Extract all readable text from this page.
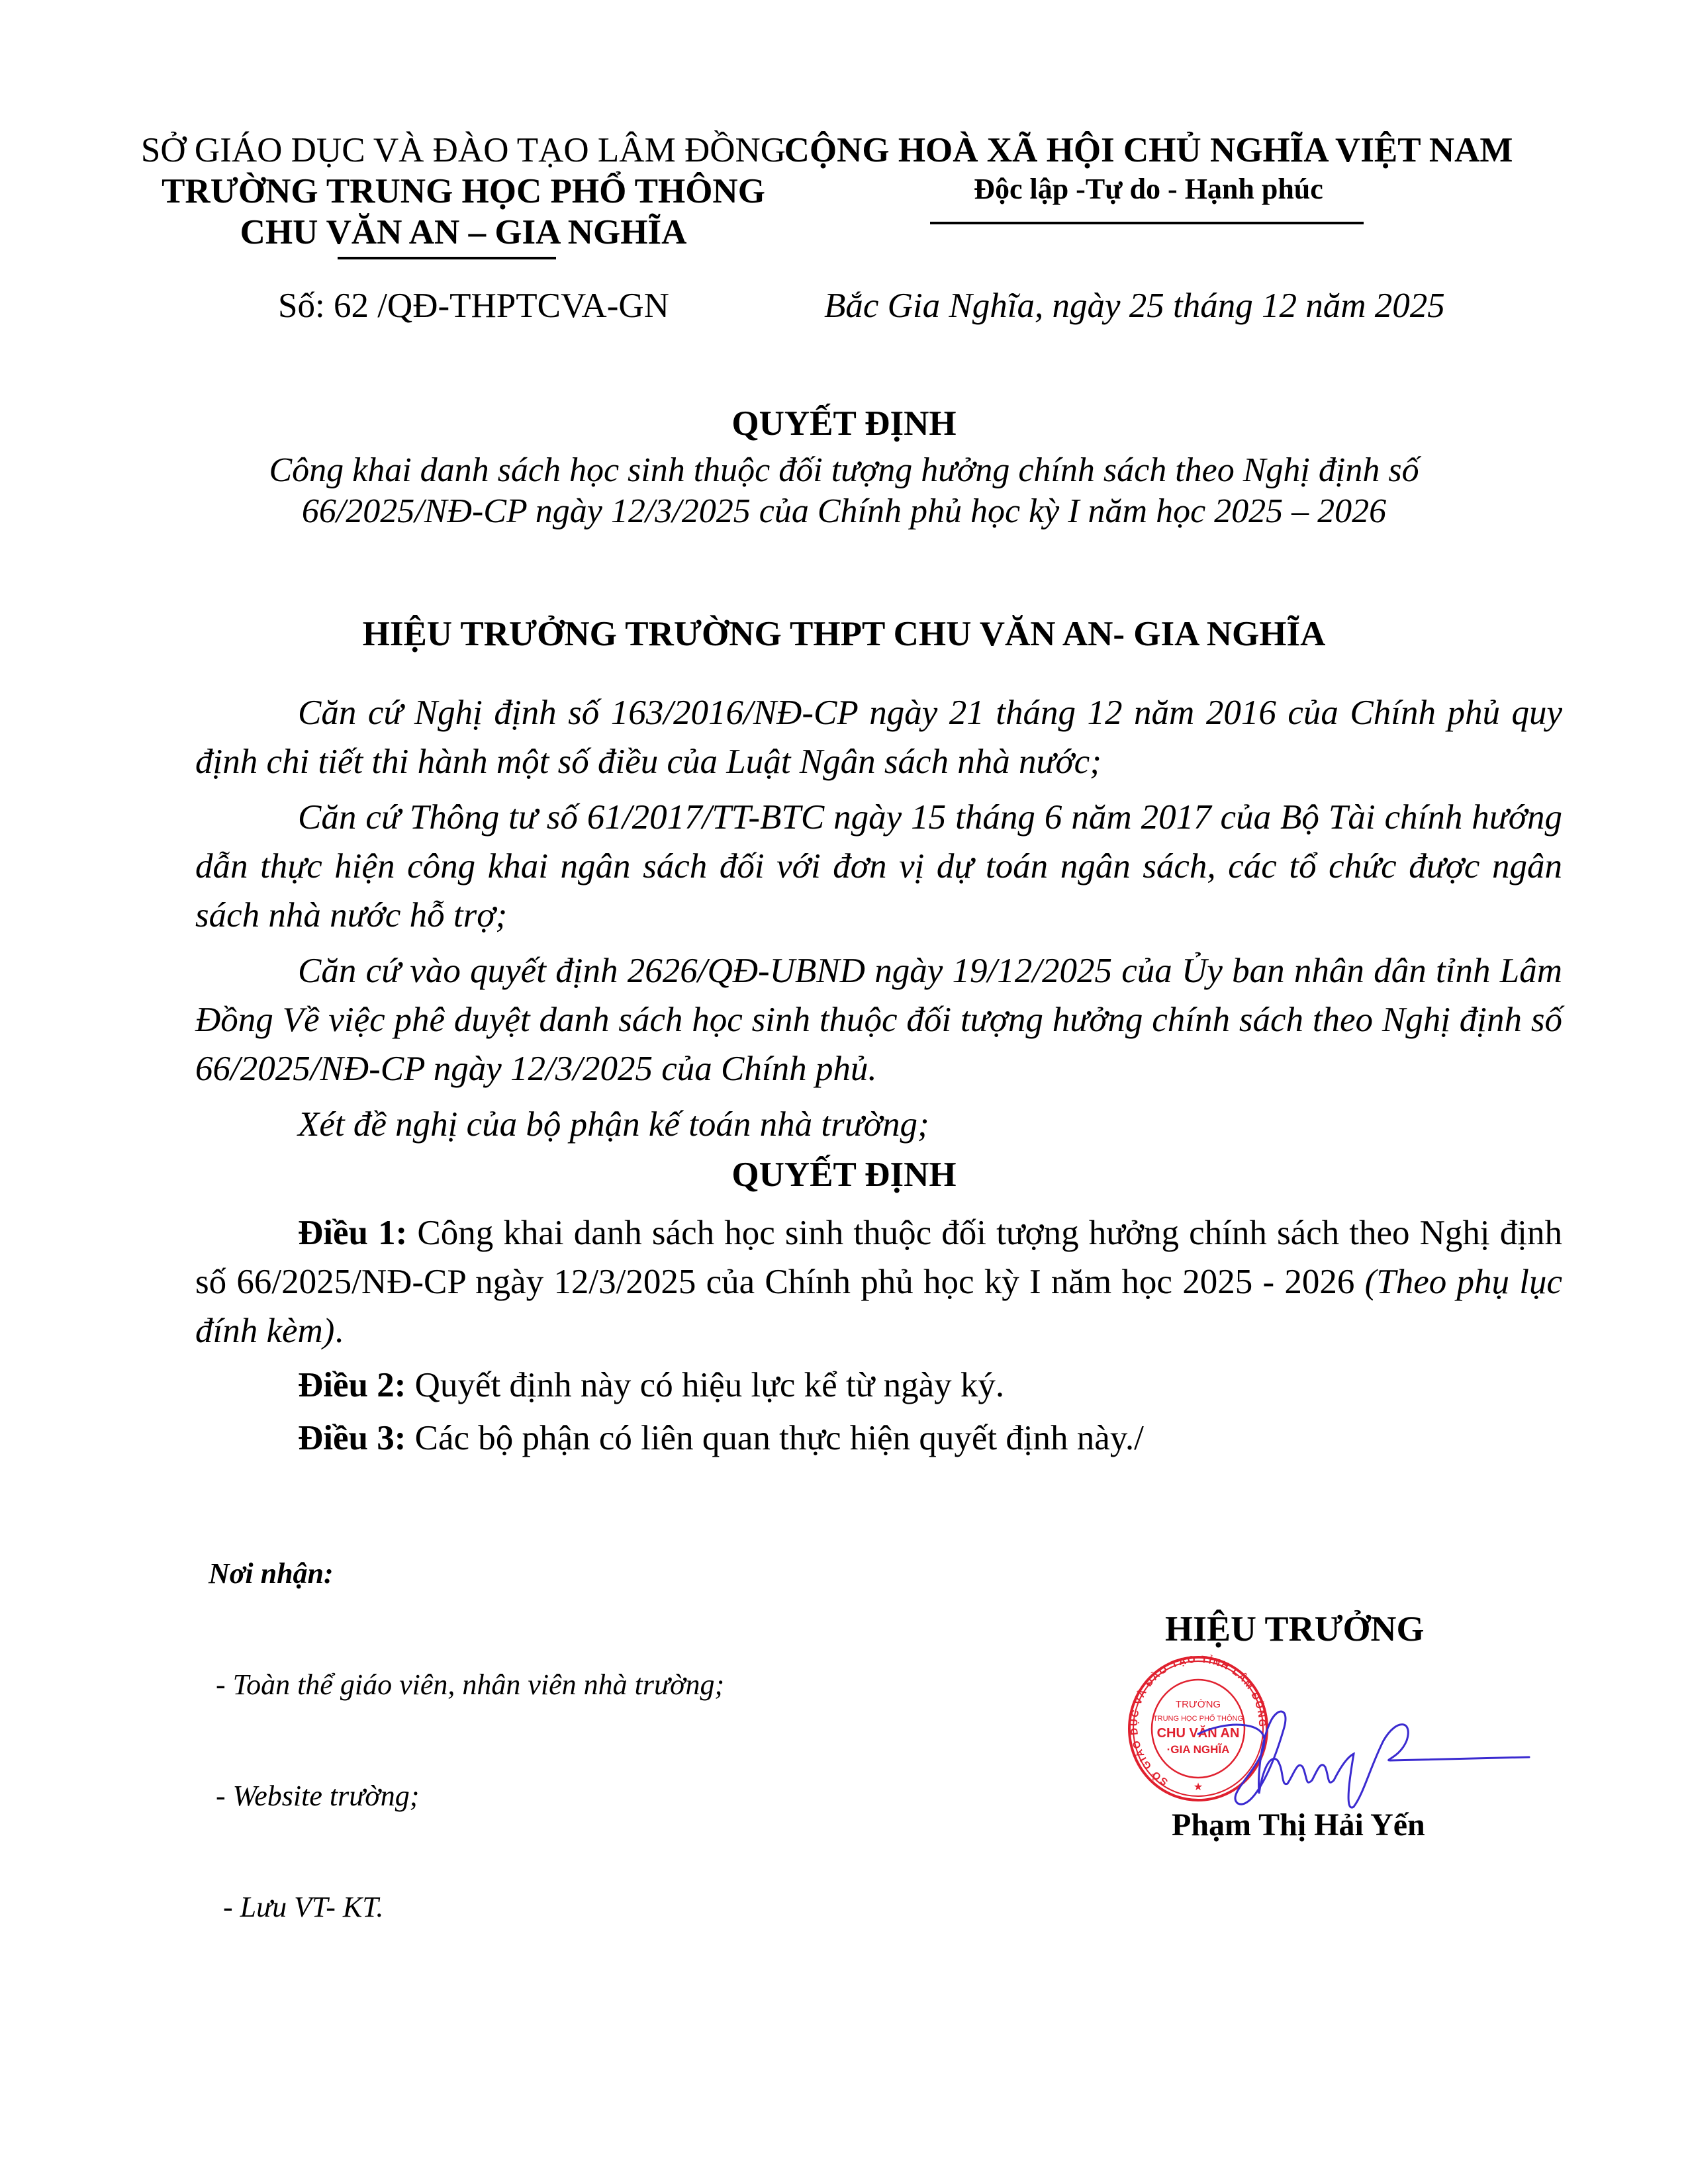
SỞ GIÁO DỤC VÀ ĐÀO TẠO LÂM ĐỒNG
TRƯỜNG TRUNG HỌC PHỔ THÔNG
CHU VĂN AN – GIA NGHĨA
CỘNG HOÀ XÃ HỘI CHỦ NGHĨA VIỆT NAM
Độc lập -Tự do - Hạnh phúc
Số: 62 /QĐ-THPTCVA-GN	Bắc Gia Nghĩa, ngày 25 tháng 12 năm 2025
QUYẾT ĐỊNH
Công khai danh sách học sinh thuộc đối tượng hưởng chính sách theo Nghị định số
66/2025/NĐ-CP ngày 12/3/2025 của Chính phủ học kỳ I năm học 2025 – 2026
HIỆU TRƯỞNG TRƯỜNG THPT CHU VĂN AN- GIA NGHĨA
Căn cứ Nghị định số 163/2016/NĐ-CP ngày 21 tháng 12 năm 2016 của Chính phủ quy định chi tiết thi hành một số điều của Luật Ngân sách nhà nước;
Căn cứ Thông tư số 61/2017/TT-BTC ngày 15 tháng 6 năm 2017 của Bộ Tài chính hướng dẫn thực hiện công khai ngân sách đối với đơn vị dự toán ngân sách, các tổ chức được ngân sách nhà nước hỗ trợ;
Căn cứ vào quyết định 2626/QĐ-UBND ngày 19/12/2025 của Ủy ban nhân dân tỉnh Lâm Đồng Về việc phê duyệt danh sách học sinh thuộc đối tượng hưởng chính sách theo Nghị định số 66/2025/NĐ-CP ngày 12/3/2025 của Chính phủ.
Xét đề nghị của bộ phận kế toán nhà trường;
QUYẾT ĐỊNH
Điều 1: Công khai danh sách học sinh thuộc đối tượng hưởng chính sách theo Nghị định số 66/2025/NĐ-CP ngày 12/3/2025 của Chính phủ học kỳ I năm học 2025 - 2026 (Theo phụ lục đính kèm).
Điều 2: Quyết định này có hiệu lực kể từ ngày ký.
Điều 3: Các bộ phận có liên quan thực hiện quyết định này./

Nơi nhận:

- Toàn thể giáo viên, nhân viên nhà trường;

- Website trường;

- Lưu VT- KT.

HIỆU TRƯỞNG
SỞ GIÁO DỤC VÀ ĐÀO TẠO TỈNH LÂM ĐỒNG
TRƯỜNG
TRUNG HỌC PHỔ THÔNG
CHU VĂN AN
·GIA NGHĨA
★
Phạm Thị Hải Yến
